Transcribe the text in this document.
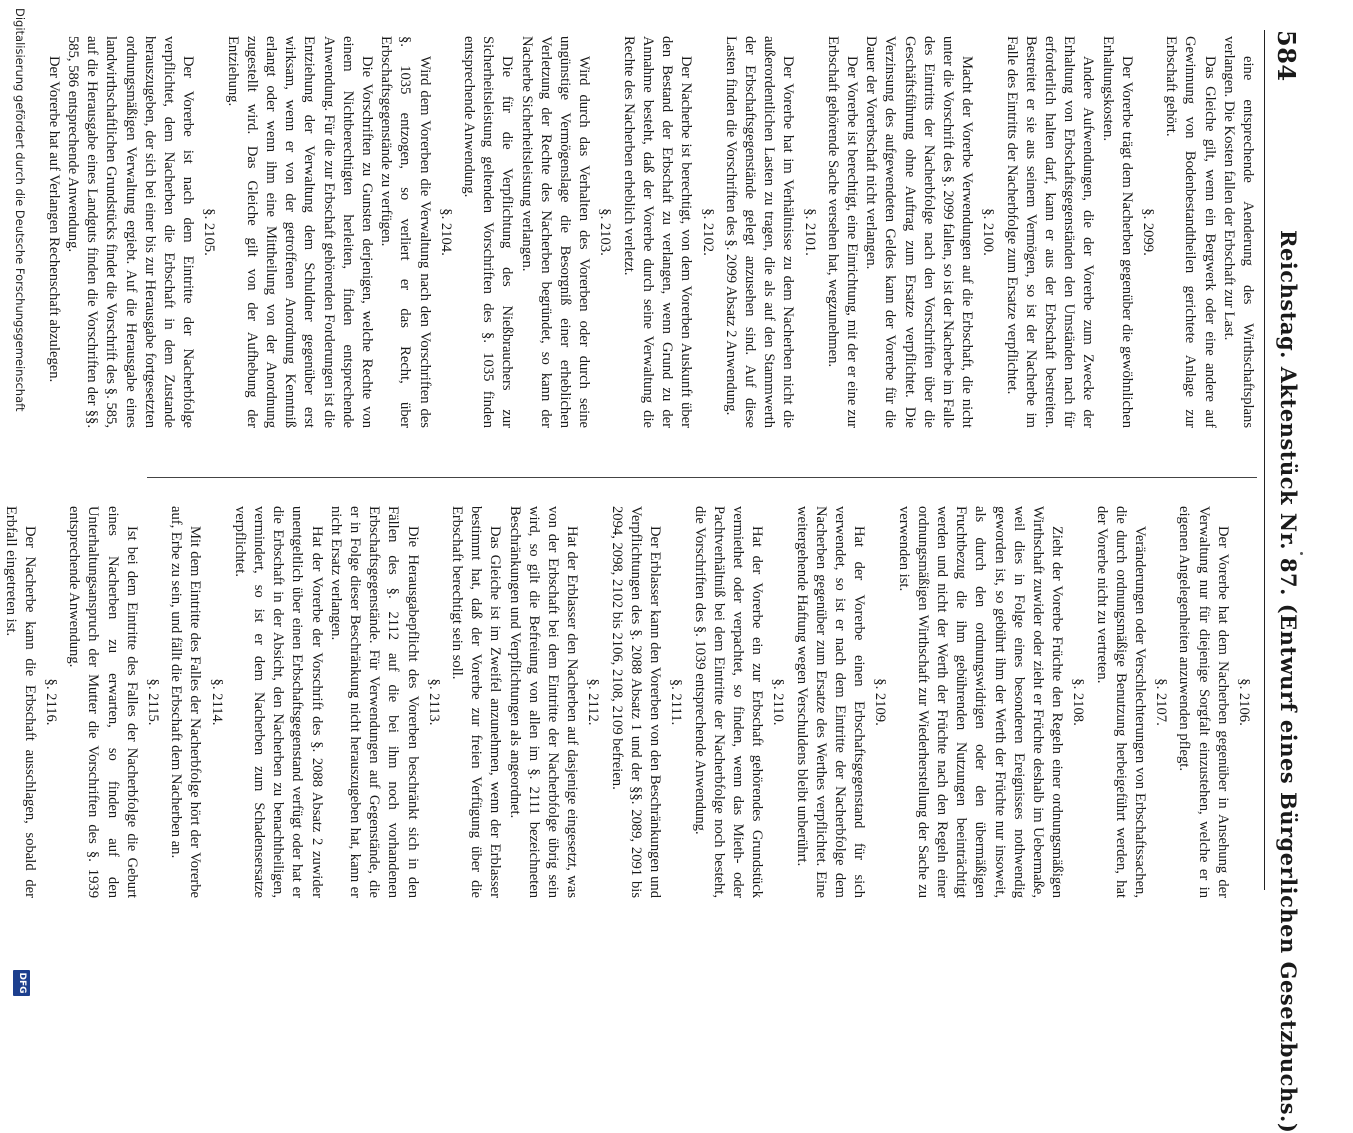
584
Reichstag. Aktenstück Nr. 87. (Entwurf eines Bürgerlichen Gesetzbuchs.)

eine entsprechende Aenderung des Wirthschaftsplans verlangen. Die Kosten fallen der Erbschaft zur Last.

Das Gleiche gilt, wenn ein Bergwerk oder eine andere auf Gewinnung von Bodenbestandtheilen gerichtete Anlage zur Erbschaft gehört.

§. 2099.

Der Vorerbe trägt dem Nacherben gegenüber die gewöhnlichen Erhaltungskosten.

Andere Aufwendungen, die der Vorerbe zum Zwecke der Erhaltung von Erbschaftsgegenständen den Umständen nach für erforderlich halten darf, kann er aus der Erbschaft bestreiten. Bestreitet er sie aus seinem Vermögen, so ist der Nacherbe im Falle des Eintritts der Nacherbfolge zum Ersatze verpflichtet.

§. 2100.

Macht der Vorerbe Verwendungen auf die Erbschaft, die nicht unter die Vorschrift des §. 2099 fallen, so ist der Nacherbe im Falle des Eintritts der Nacherbfolge nach den Vorschriften über die Geschäftsführung ohne Auftrag zum Ersatze verpflichtet. Die Verzinsung des aufgewendeten Geldes kann der Vorerbe für die Dauer der Vorerbschaft nicht verlangen.

Der Vorerbe ist berechtigt, eine Einrichtung, mit der er eine zur Erbschaft gehörende Sache versehen hat, wegzunehmen.

§. 2101.

Der Vorerbe hat im Verhältnisse zu dem Nacherben nicht die außerordentlichen Lasten zu tragen, die als auf den Stammwerth der Erbschaftsgegenstände gelegt anzusehen sind. Auf diese Lasten finden die Vorschriften des §. 2099 Absatz 2 Anwendung.

§. 2102.

Der Nacherbe ist berechtigt, von dem Vorerben Auskunft über den Bestand der Erbschaft zu verlangen, wenn Grund zu der Annahme besteht, daß der Vorerbe durch seine Verwaltung die Rechte des Nacherben erheblich verletzt.

§. 2103.

Wird durch das Verhalten des Vorerben oder durch seine ungünstige Vermögenslage die Besorgniß einer erheblichen Verletzung der Rechte des Nacherben begründet, so kann der Nacherbe Sicherheitsleistung verlangen.

Die für die Verpflichtung des Nießbrauchers zur Sicherheitsleistung geltenden Vorschriften des §. 1035 finden entsprechende Anwendung.

§. 2104.

Wird dem Vorerben die Verwaltung nach den Vorschriften des §. 1035 entzogen, so verliert er das Recht, über Erbschaftsgegenstände zu verfügen.

Die Vorschriften zu Gunsten derjenigen, welche Rechte von einem Nichtberechtigten herleiten, finden entsprechende Anwendung. Für die zur Erbschaft gehörenden Forderungen ist die Entziehung der Verwaltung dem Schuldner gegenüber erst wirksam, wenn er von der getroffenen Anordnung Kenntniß erlangt oder wenn ihm eine Mittheilung von der Anordnung zugestellt wird. Das Gleiche gilt von der Aufhebung der Entziehung.

§. 2105.

Der Vorerbe ist nach dem Eintritte der Nacherbfolge verpflichtet, dem Nacherben die Erbschaft in dem Zustande herauszugeben, der sich bei einer bis zur Herausgabe fortgesetzten ordnungsmäßigen Verwaltung ergiebt. Auf die Herausgabe eines landwirthschaftlichen Grundstücks findet die Vorschrift des §. 585, auf die Herausgabe eines Landguts finden die Vorschriften der §§. 585, 586 entsprechende Anwendung.

Der Vorerbe hat auf Verlangen Rechenschaft abzulegen.

§. 2106.

Der Vorerbe hat dem Nacherben gegenüber in Ansehung der Verwaltung nur für diejenige Sorgfalt einzustehen, welche er in eigenen Angelegenheiten anzuwenden pflegt.

§. 2107.

Veränderungen oder Verschlechterungen von Erbschaftssachen, die durch ordnungsmäßige Benutzung herbeigeführt werden, hat der Vorerbe nicht zu vertreten.

§. 2108.

Zieht der Vorerbe Früchte den Regeln einer ordnungsmäßigen Wirthschaft zuwider oder zieht er Früchte deshalb im Uebermaße, weil dies in Folge eines besonderen Ereignisses nothwendig geworden ist, so gebührt ihm der Werth der Früchte nur insoweit, als durch den ordnungswidrigen oder den übermäßigen Fruchtbezug die ihm gebührenden Nutzungen beeinträchtigt werden und nicht der Werth der Früchte nach den Regeln einer ordnungsmäßigen Wirthschaft zur Wiederherstellung der Sache zu verwenden ist.

§. 2109.

Hat der Vorerbe einen Erbschaftsgegenstand für sich verwendet, so ist er nach dem Eintritte der Nacherbfolge dem Nacherben gegenüber zum Ersatze des Werthes verpflichtet. Eine weitergehende Haftung wegen Verschuldens bleibt unberührt.

§. 2110.

Hat der Vorerbe ein zur Erbschaft gehörendes Grundstück vermiethet oder verpachtet, so finden, wenn das Mieth- oder Pachtverhältniß bei dem Eintritte der Nacherbfolge noch besteht, die Vorschriften des §. 1039 entsprechende Anwendung.

§. 2111.

Der Erblasser kann den Vorerben von den Beschränkungen und Verpflichtungen des §. 2088 Absatz 1 und der §§. 2089, 2091 bis 2094, 2098, 2102 bis 2106, 2108, 2109 befreien.

§. 2112.

Hat der Erblasser den Nacherben auf dasjenige eingesetzt, was von der Erbschaft bei dem Eintritte der Nacherbfolge übrig sein wird, so gilt die Befreiung von allen im §. 2111 bezeichneten Beschränkungen und Verpflichtungen als angeordnet.

Das Gleiche ist im Zweifel anzunehmen, wenn der Erblasser bestimmt hat, daß der Vorerbe zur freien Verfügung über die Erbschaft berechtigt sein soll.

§. 2113.

Die Herausgabepflicht des Vorerben beschränkt sich in den Fällen des §. 2112 auf die bei ihm noch vorhandenen Erbschaftsgegenstände. Für Verwendungen auf Gegenstände, die er in Folge dieser Beschränkung nicht herauszugeben hat, kann er nicht Ersatz verlangen.

Hat der Vorerbe der Vorschrift des §. 2088 Absatz 2 zuwider unentgeltlich über einen Erbschaftsgegenstand verfügt oder hat er die Erbschaft in der Absicht, den Nacherben zu benachtheiligen, vermindert, so ist er dem Nacherben zum Schadensersatze verpflichtet.

§. 2114.

Mit dem Eintritte des Falles der Nacherbfolge hört der Vorerbe auf, Erbe zu sein, und fällt die Erbschaft dem Nacherben an.

§. 2115.

Ist bei dem Eintritte des Falles der Nacherbfolge die Geburt eines Nacherben zu erwarten, so finden auf den Unterhaltungsanspruch der Mutter die Vorschriften des §. 1939 entsprechende Anwendung.

§. 2116.

Der Nacherbe kann die Erbschaft ausschlagen, sobald der Erbfall eingetreten ist.

Digitalisierung gefördert durch die Deutsche Forschungsgemeinschaft
DFG
